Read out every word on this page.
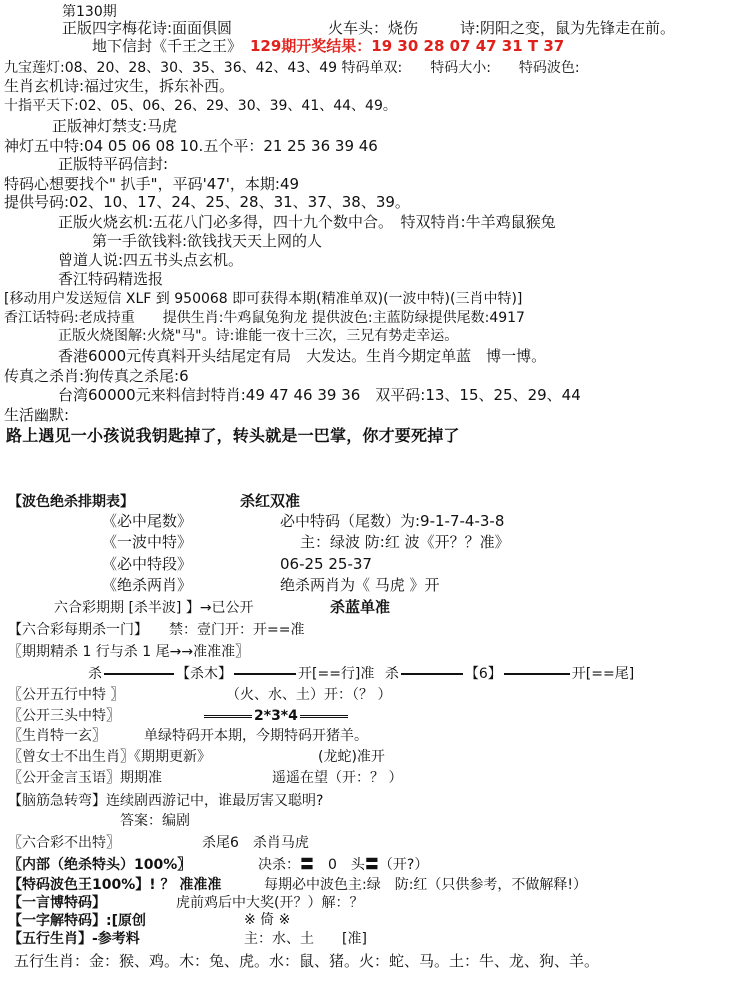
第130期
正版四字梅花诗:面面俱圆	火车头：烧伤	诗:阴阳之变，鼠为先锋走在前。
地下信封《千王之王》 129期开奖结果：19 30 28 07 47 31 T 37
九宝莲灯:08、20、28、30、35、36、42、43、49 特码单双:　　特码大小:　　特码波色:
生肖玄机诗:福过灾生，拆东补西。
十指平天下:02、05、06、26、29、30、39、41、44、49。
正版神灯禁支:马虎
神灯五中特:04 05 06 08 10.五个平：21 25 36 39 46
正版特平码信封:
特码心想要找个" 扒手"，平码'47'，本期:49
提供号码:02、10、17、24、25、28、31、37、38、39。
正版火烧玄机:五花八门必多得，四十九个数中合。　特双特肖:牛羊鸡鼠猴兔
第一手欲钱料:欲钱找天天上网的人
曾道人说:四五书头点玄机。
香江特码精选报
[移动用户发送短信 XLF 到 950068 即可获得本期(精准单双)(一波中特)(三肖中特)]
香江话特码:老成持重　　提供生肖:牛鸡鼠兔狗龙 提供波色:主蓝防绿提供尾数:4917
正版火烧图解:火烧"马"。诗:谁能一夜十三次，三兄有势走幸运。
香港6000元传真料开头结尾定有局　大发达。生肖今期定单蓝　博一博。
传真之杀肖:狗传真之杀尾:6
台湾60000元来料信封特肖:49 47 46 39 36　双平码:13、15、25、29、44
生活幽默:
路上遇见一小孩说我钥匙掉了，转头就是一巴掌，你才要死掉了
【波色绝杀排期表】	杀红双准
《必中尾数》	必中特码（尾数）为:9-1-7-4-3-8
《一波中特》	主：绿波 防:红 波《开？？准》
《必中特段》	06-25 25-37
《绝杀两肖》	绝杀两肖为《 马虎 》开
六合彩期期 [杀半波] 】→已公开	杀蓝单准
【六合彩每期杀一门】　　禁：壹门开：开==准
〖期期精杀 1 行与杀 1 尾→→准准准〗
杀	【杀木】	开[==行]准 杀	【6】	开[==尾]
〖公开五行中特 〗	（火、水、土）开：（？ ）
〖公开三头中特〗	2*3*4
〖生肖特一玄〗	单绿特码开本期，今期特码开猪羊。
〖曾女士不出生肖〗《期期更新》	(龙蛇)准开
〖公开金言玉语〗期期准	遥遥在望（开：？ ）
【脑筋急转弯】连续剧西游记中，谁最厉害又聪明?
答案：编剧
〖六合彩不出特〗	杀尾6　杀肖马虎
〖内部（绝杀特头）100%〗	决杀：〓　0　头〓（开?）
【特码波色王100%】! ？ 准准准	每期必中波色主:绿　防:红（只供参考，不做解释!）
【一言博特码】	虎前鸡后中大奖(开？）解：？
【一字解特码】:[原创	※ 倚 ※
【五行生肖】-参考料	主：水、土　　[准]
五行生肖：金：猴、鸡。木：兔、虎。水：鼠、猪。火：蛇、马。土：牛、龙、狗、羊。
